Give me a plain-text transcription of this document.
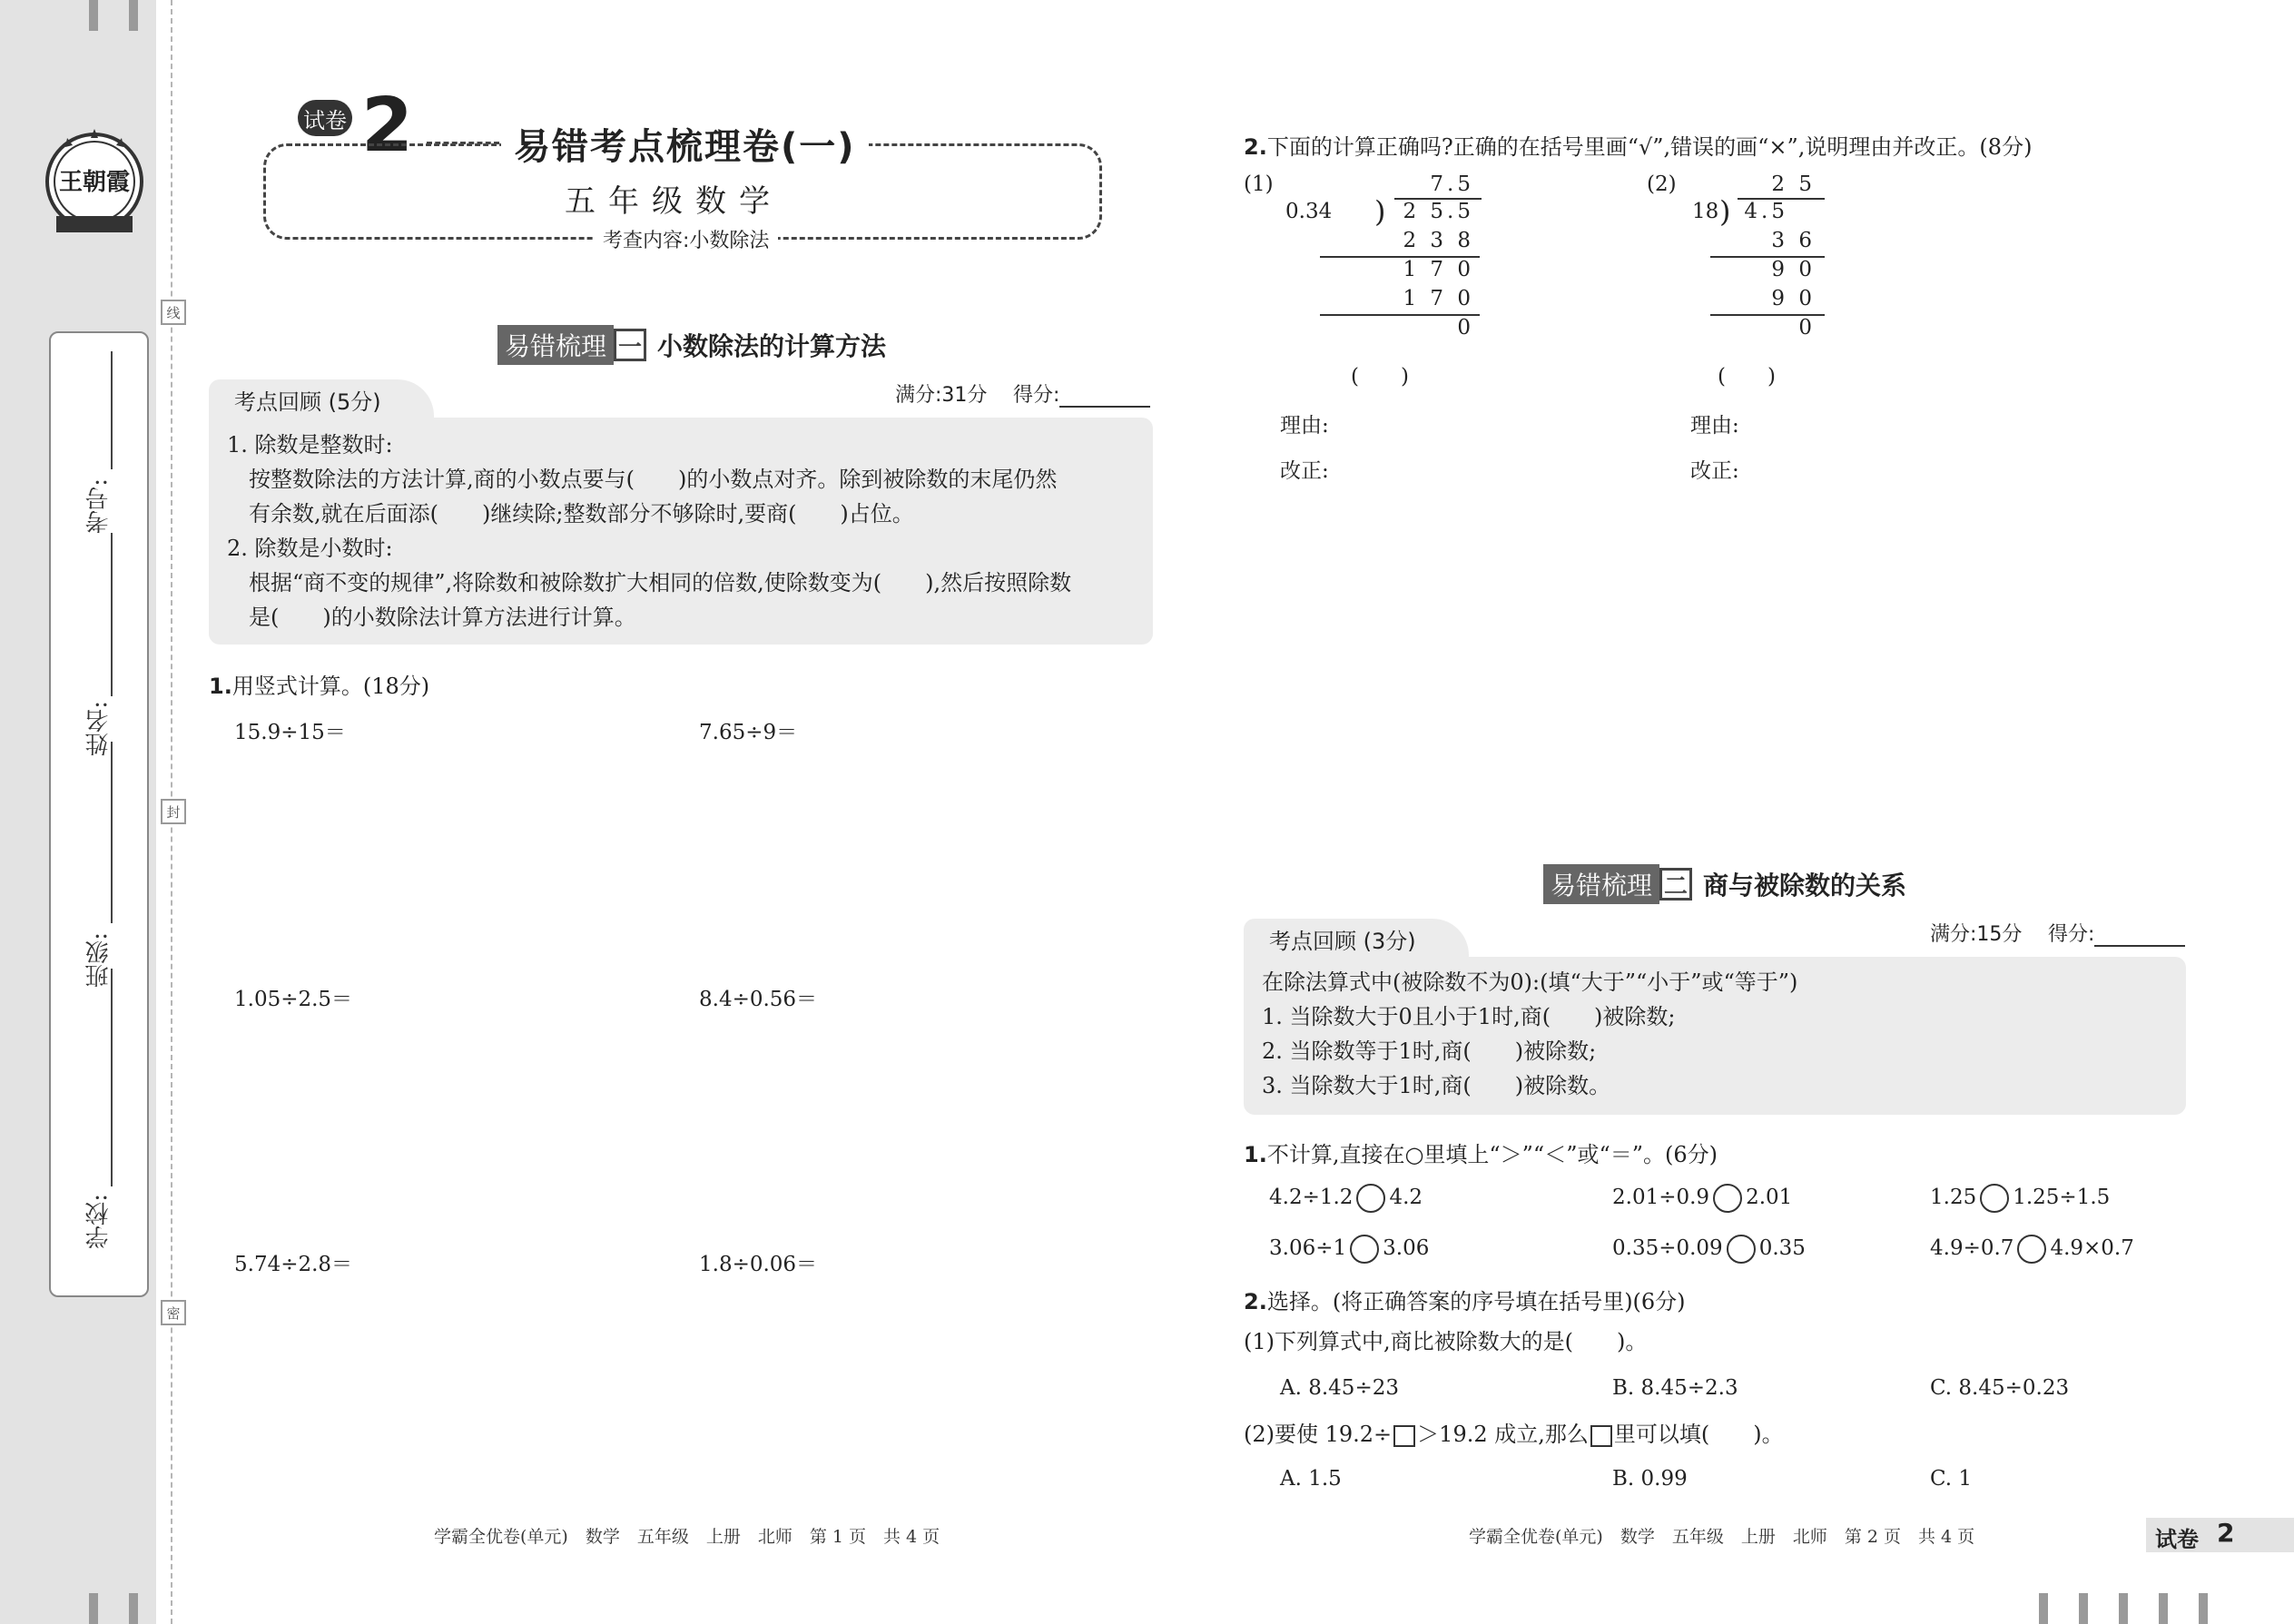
王朝霞
线
封
密
学校:
班级:
姓名:
考号:
试卷 2	易错考点梳理卷(一)
五年级数学
考查内容:小数除法
易错梳理 一 小数除法的计算方法
考点回顾 (5分)	满分:31分 得分:
1. 除数是整数时:
按整数除法的方法计算,商的小数点要与(　　)的小数点对齐。除到被除数的末尾仍然
有余数,就在后面添(　　)继续除;整数部分不够除时,要商(　　)占位。
2. 除数是小数时:
根据“商不变的规律”,将除数和被除数扩大相同的倍数,使除数变为(　　),然后按照除数
是(　　)的小数除法计算方法进行计算。
1.用竖式计算。(18分)
15.9÷15＝	7.65÷9＝
1.05÷2.5＝	8.4÷0.56＝
5.74÷2.8＝	1.8÷0.06＝
学霸全优卷(单元)　数学　五年级　上册　北师　第 1 页　共 4 页
2.下面的计算正确吗?正确的在括号里画“√”,错误的画“×”,说明理由并改正。(8分)
(1)	7.5
0.34 ) 2 5.5
2 3 8
1 7 0
1 7 0
0
(　　)
理由:
改正:
(2)	2 5
18 ) 4.5
3 6
9 0
9 0
0
(　　)
理由:
改正:
易错梳理 二 商与被除数的关系
考点回顾 (3分)	满分:15分 得分:
在除法算式中(被除数不为0):(填“大于”“小于”或“等于”)
1. 当除数大于0且小于1时,商(　　)被除数;
2. 当除数等于1时,商(　　)被除数;
3. 当除数大于1时,商(　　)被除数。
1.不计算,直接在○里填上“＞”“＜”或“＝”。(6分)
4.2÷1.2 4.2	2.01÷0.9 2.01	1.25 1.25÷1.5
3.06÷1 3.06	0.35÷0.09 0.35	4.9÷0.7 4.9×0.7
2.选择。(将正确答案的序号填在括号里)(6分)
(1)下列算式中,商比被除数大的是(　　)。
A. 8.45÷23	B. 8.45÷2.3	C. 8.45÷0.23
(2)要使 19.2÷ ＞19.2 成立,那么 里可以填(　　)。
A. 1.5	B. 0.99	C. 1
学霸全优卷(单元)　数学　五年级　上册　北师　第 2 页　共 4 页	试卷 2
